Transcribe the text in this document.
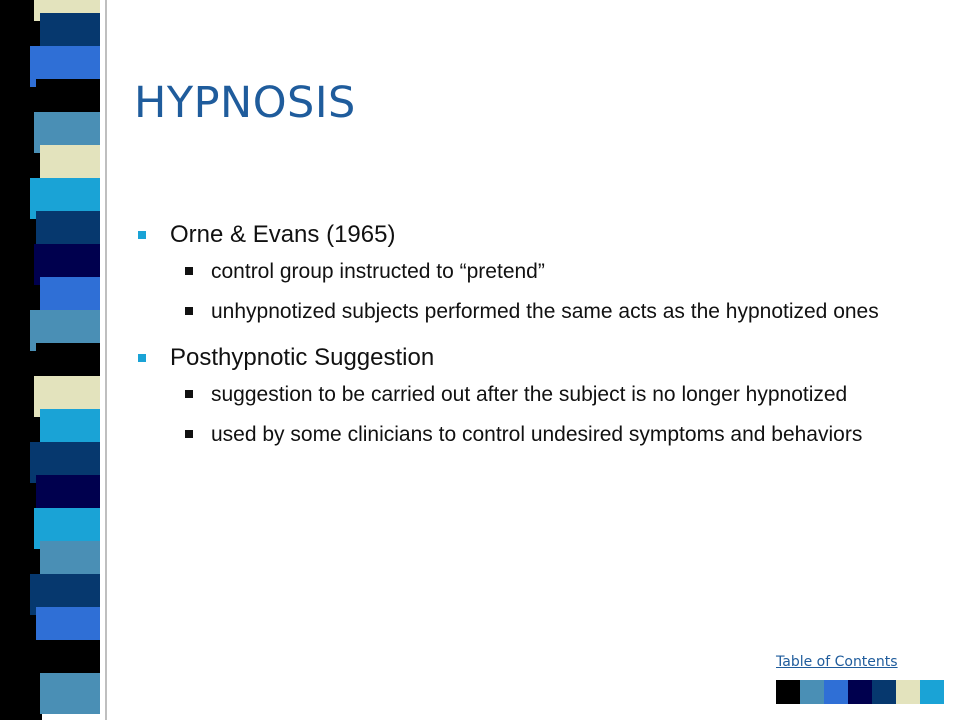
HYPNOSIS
Orne & Evans (1965)
control group instructed to “pretend”
unhypnotized subjects performed the same acts as the hypnotized ones
Posthypnotic Suggestion
suggestion to be carried out after the subject is no longer hypnotized
used by some clinicians to control undesired symptoms and behaviors
Table of Contents
